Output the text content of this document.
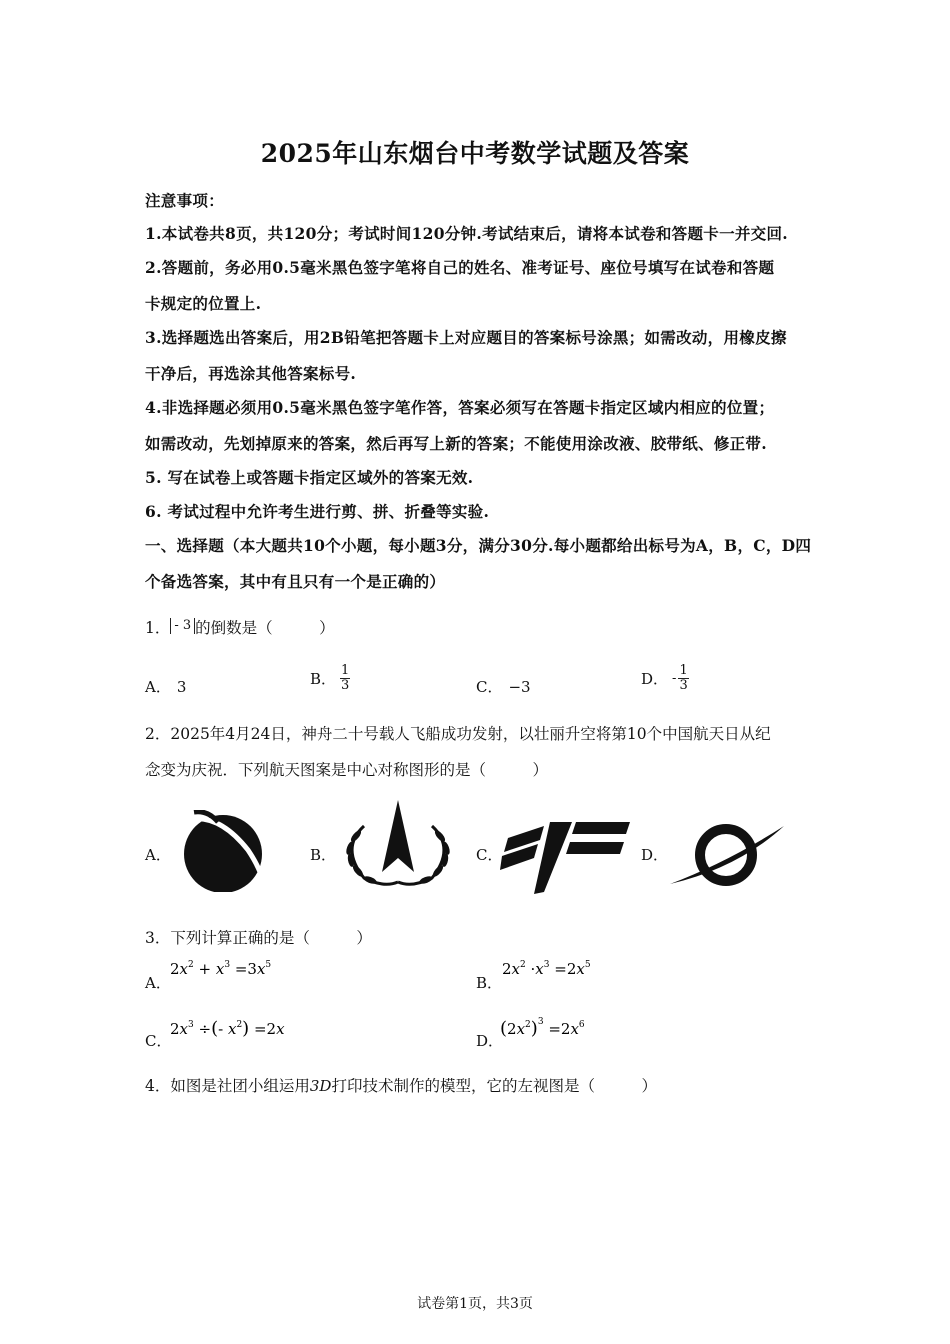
2025年山东烟台中考数学试题及答案
注意事项：
1.本试卷共8页，共120分；考试时间120分钟.考试结束后，请将本试卷和答题卡一并交回.
2.答题前，务必用0.5毫米黑色签字笔将自己的姓名、准考证号、座位号填写在试卷和答题
卡规定的位置上.
3.选择题选出答案后，用2B铅笔把答题卡上对应题目的答案标号涂黑；如需改动，用橡皮擦
干净后，再选涂其他答案标号.
4.非选择题必须用0.5毫米黑色签字笔作答，答案必须写在答题卡指定区域内相应的位置；
如需改动，先划掉原来的答案，然后再写上新的答案；不能使用涂改液、胶带纸、修正带.
5. 写在试卷上或答题卡指定区域外的答案无效.
6. 考试过程中允许考生进行剪、拼、折叠等实验.
一、选择题（本大题共10个小题，每小题3分，满分30分.每小题都给出标号为A，B，C，D四
个备选答案，其中有且只有一个是正确的）
1． - 3 的倒数是（　　　）
A． 3	B． $\frac{1}{3}$	C． −3	D． - $\frac{1}{3}$
2．2025年4月24日，神舟二十号载人飞船成功发射，以壮丽升空将第10个中国航天日从纪
念变为庆祝．下列航天图案是中心对称图形的是（　　　）
A．	B．	C．	D．
3．下列计算正确的是（　　　）
A．
$2x^2 + x^3 =3x^5$
B．
$2x^2 \cdot x^3 =2x^5$
C．
$2x^3$ ÷(- $x^2) =2x$
D．
$(2x^2)^3 =2x^6$
4．如图是社团小组运用3D打印技术制作的模型，它的左视图是（　　　）
试卷第1页，共3页
